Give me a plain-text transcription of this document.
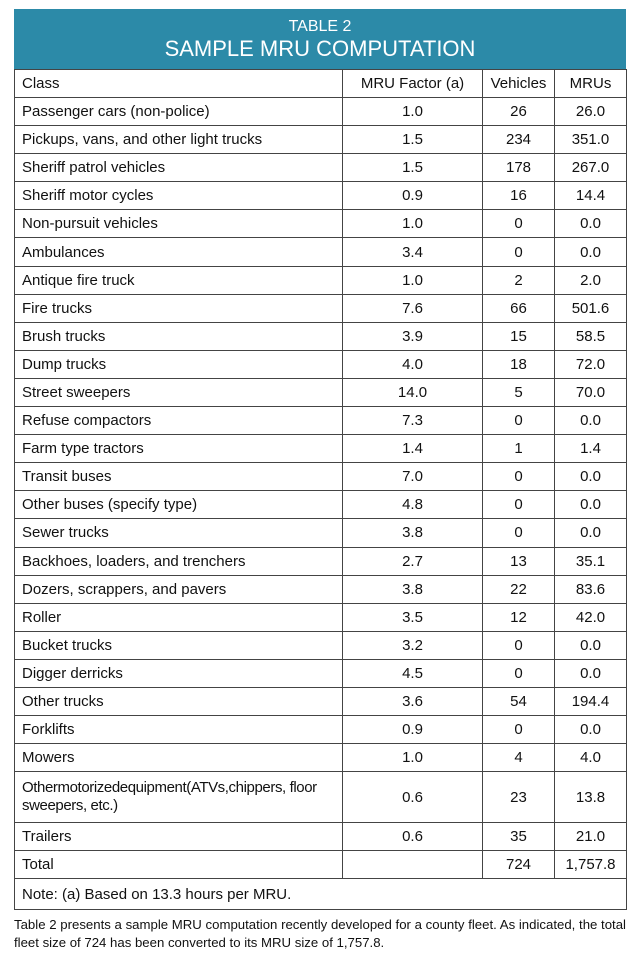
TABLE 2
SAMPLE MRU COMPUTATION
Class	MRU Factor (a)	Vehicles	MRUs
Passenger cars (non-police)	1.0	26	26.0
Pickups, vans, and other light trucks	1.5	234	351.0
Sheriff patrol vehicles	1.5	178	267.0
Sheriff motor cycles	0.9	16	14.4
Non-pursuit vehicles	1.0	0	0.0
Ambulances	3.4	0	0.0
Antique fire truck	1.0	2	2.0
Fire trucks	7.6	66	501.6
Brush trucks	3.9	15	58.5
Dump trucks	4.0	18	72.0
Street sweepers	14.0	5	70.0
Refuse compactors	7.3	0	0.0
Farm type tractors	1.4	1	1.4
Transit buses	7.0	0	0.0
Other buses (specify type)	4.8	0	0.0
Sewer trucks	3.8	0	0.0
Backhoes, loaders, and trenchers	2.7	13	35.1
Dozers, scrappers, and pavers	3.8	22	83.6
Roller	3.5	12	42.0
Bucket trucks	3.2	0	0.0
Digger derricks	4.5	0	0.0
Other trucks	3.6	54	194.4
Forklifts	0.9	0	0.0
Mowers	1.0	4	4.0
Othermotorizedequipment(ATVs,chippers, floor sweepers, etc.)	0.6	23	13.8
Trailers	0.6	35	21.0
Total		724	1,757.8
Note: (a) Based on 13.3 hours per MRU.			
Table 2 presents a sample MRU computation recently developed for a county fleet. As indicated, the total fleet size of 724 has been converted to its MRU size of 1,757.8.
